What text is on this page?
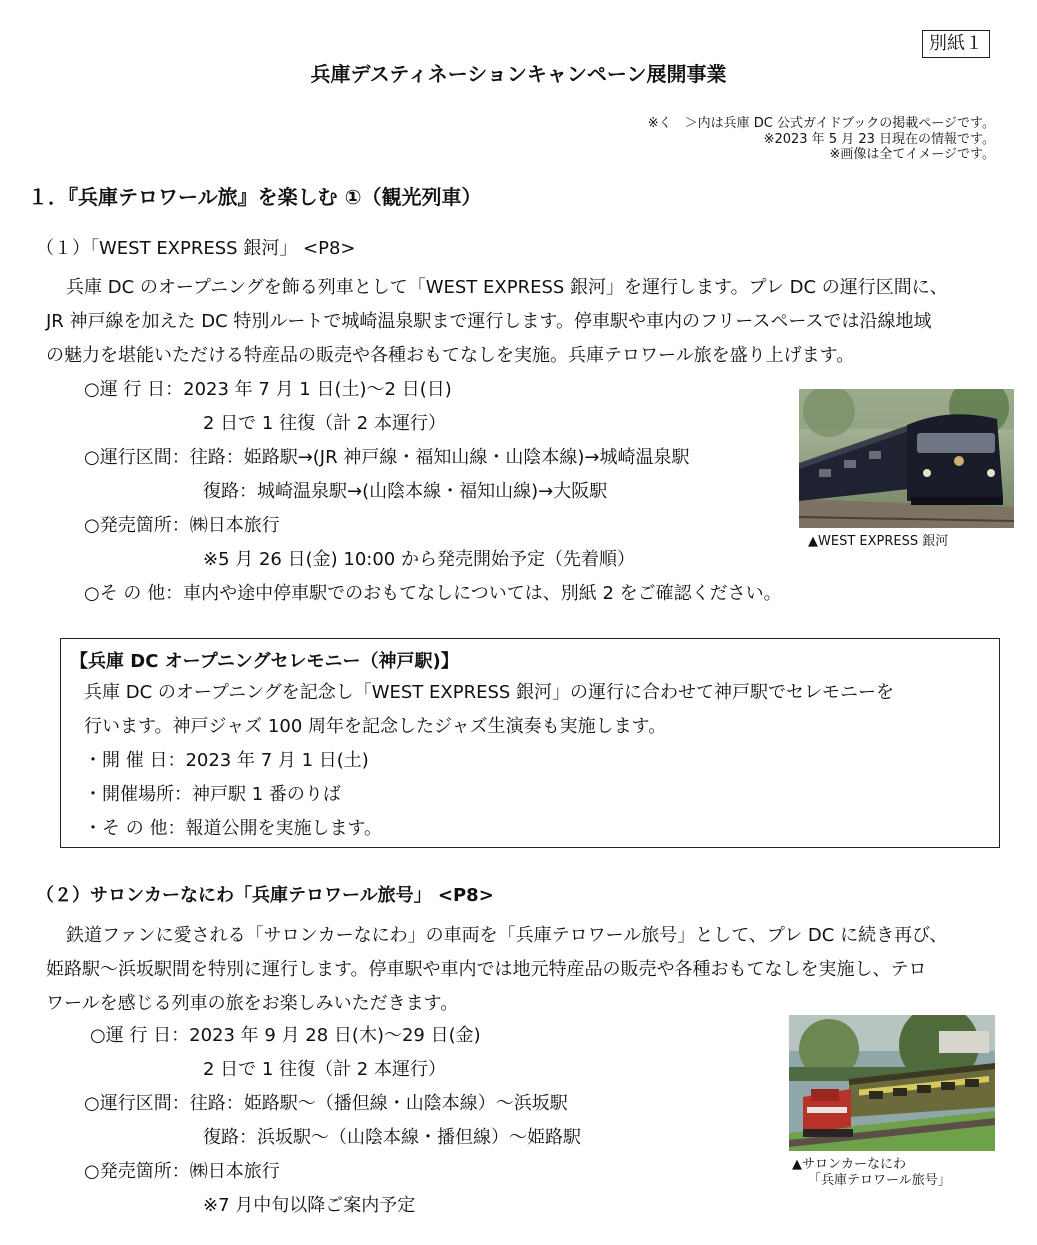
別紙１
兵庫デスティネーションキャンペーン展開事業
※く　＞内は兵庫 DC 公式ガイドブックの掲載ページです。
※2023 年 5 月 23 日現在の情報です。
※画像は全てイメージです。
１．『兵庫テロワール旅』を楽しむ ①（観光列車）
（１）「WEST EXPRESS 銀河」 <P8>
兵庫 DC のオープニングを飾る列車として「WEST EXPRESS 銀河」を運行します。プレ DC の運行区間に、
JR 神戸線を加えた DC 特別ルートで城崎温泉駅まで運行します。停車駅や車内のフリースペースでは沿線地域
の魅力を堪能いただける特産品の販売や各種おもてなしを実施。兵庫テロワール旅を盛り上げます。
○運 行 日：2023 年 7 月 1 日(土)～2 日(日)
2 日で 1 往復（計 2 本運行）
○運行区間：往路：姫路駅→(JR 神戸線・福知山線・山陰本線)→城崎温泉駅
復路：城崎温泉駅→(山陰本線・福知山線)→大阪駅
○発売箇所：㈱日本旅行
※5 月 26 日(金) 10:00 から発売開始予定（先着順）
○そ の 他：車内や途中停車駅でのおもてなしについては、別紙 2 をご確認ください。
▲WEST EXPRESS 銀河
【兵庫 DC オープニングセレモニー（神戸駅)】
兵庫 DC のオープニングを記念し「WEST EXPRESS 銀河」の運行に合わせて神戸駅でセレモニーを
行います。神戸ジャズ 100 周年を記念したジャズ生演奏も実施します。
・開 催 日：2023 年 7 月 1 日(土)
・開催場所：神戸駅 1 番のりば
・そ の 他：報道公開を実施します。
（２）サロンカーなにわ「兵庫テロワール旅号」 <P8>
鉄道ファンに愛される「サロンカーなにわ」の車両を「兵庫テロワール旅号」として、プレ DC に続き再び、
姫路駅～浜坂駅間を特別に運行します。停車駅や車内では地元特産品の販売や各種おもてなしを実施し、テロ
ワールを感じる列車の旅をお楽しみいただきます。
○運 行 日：2023 年 9 月 28 日(木)～29 日(金)
2 日で 1 往復（計 2 本運行）
○運行区間：往路：姫路駅～（播但線・山陰本線）～浜坂駅
復路：浜坂駅～（山陰本線・播但線）～姫路駅
○発売箇所：㈱日本旅行
※7 月中旬以降ご案内予定
▲サロンカーなにわ
「兵庫テロワール旅号」
